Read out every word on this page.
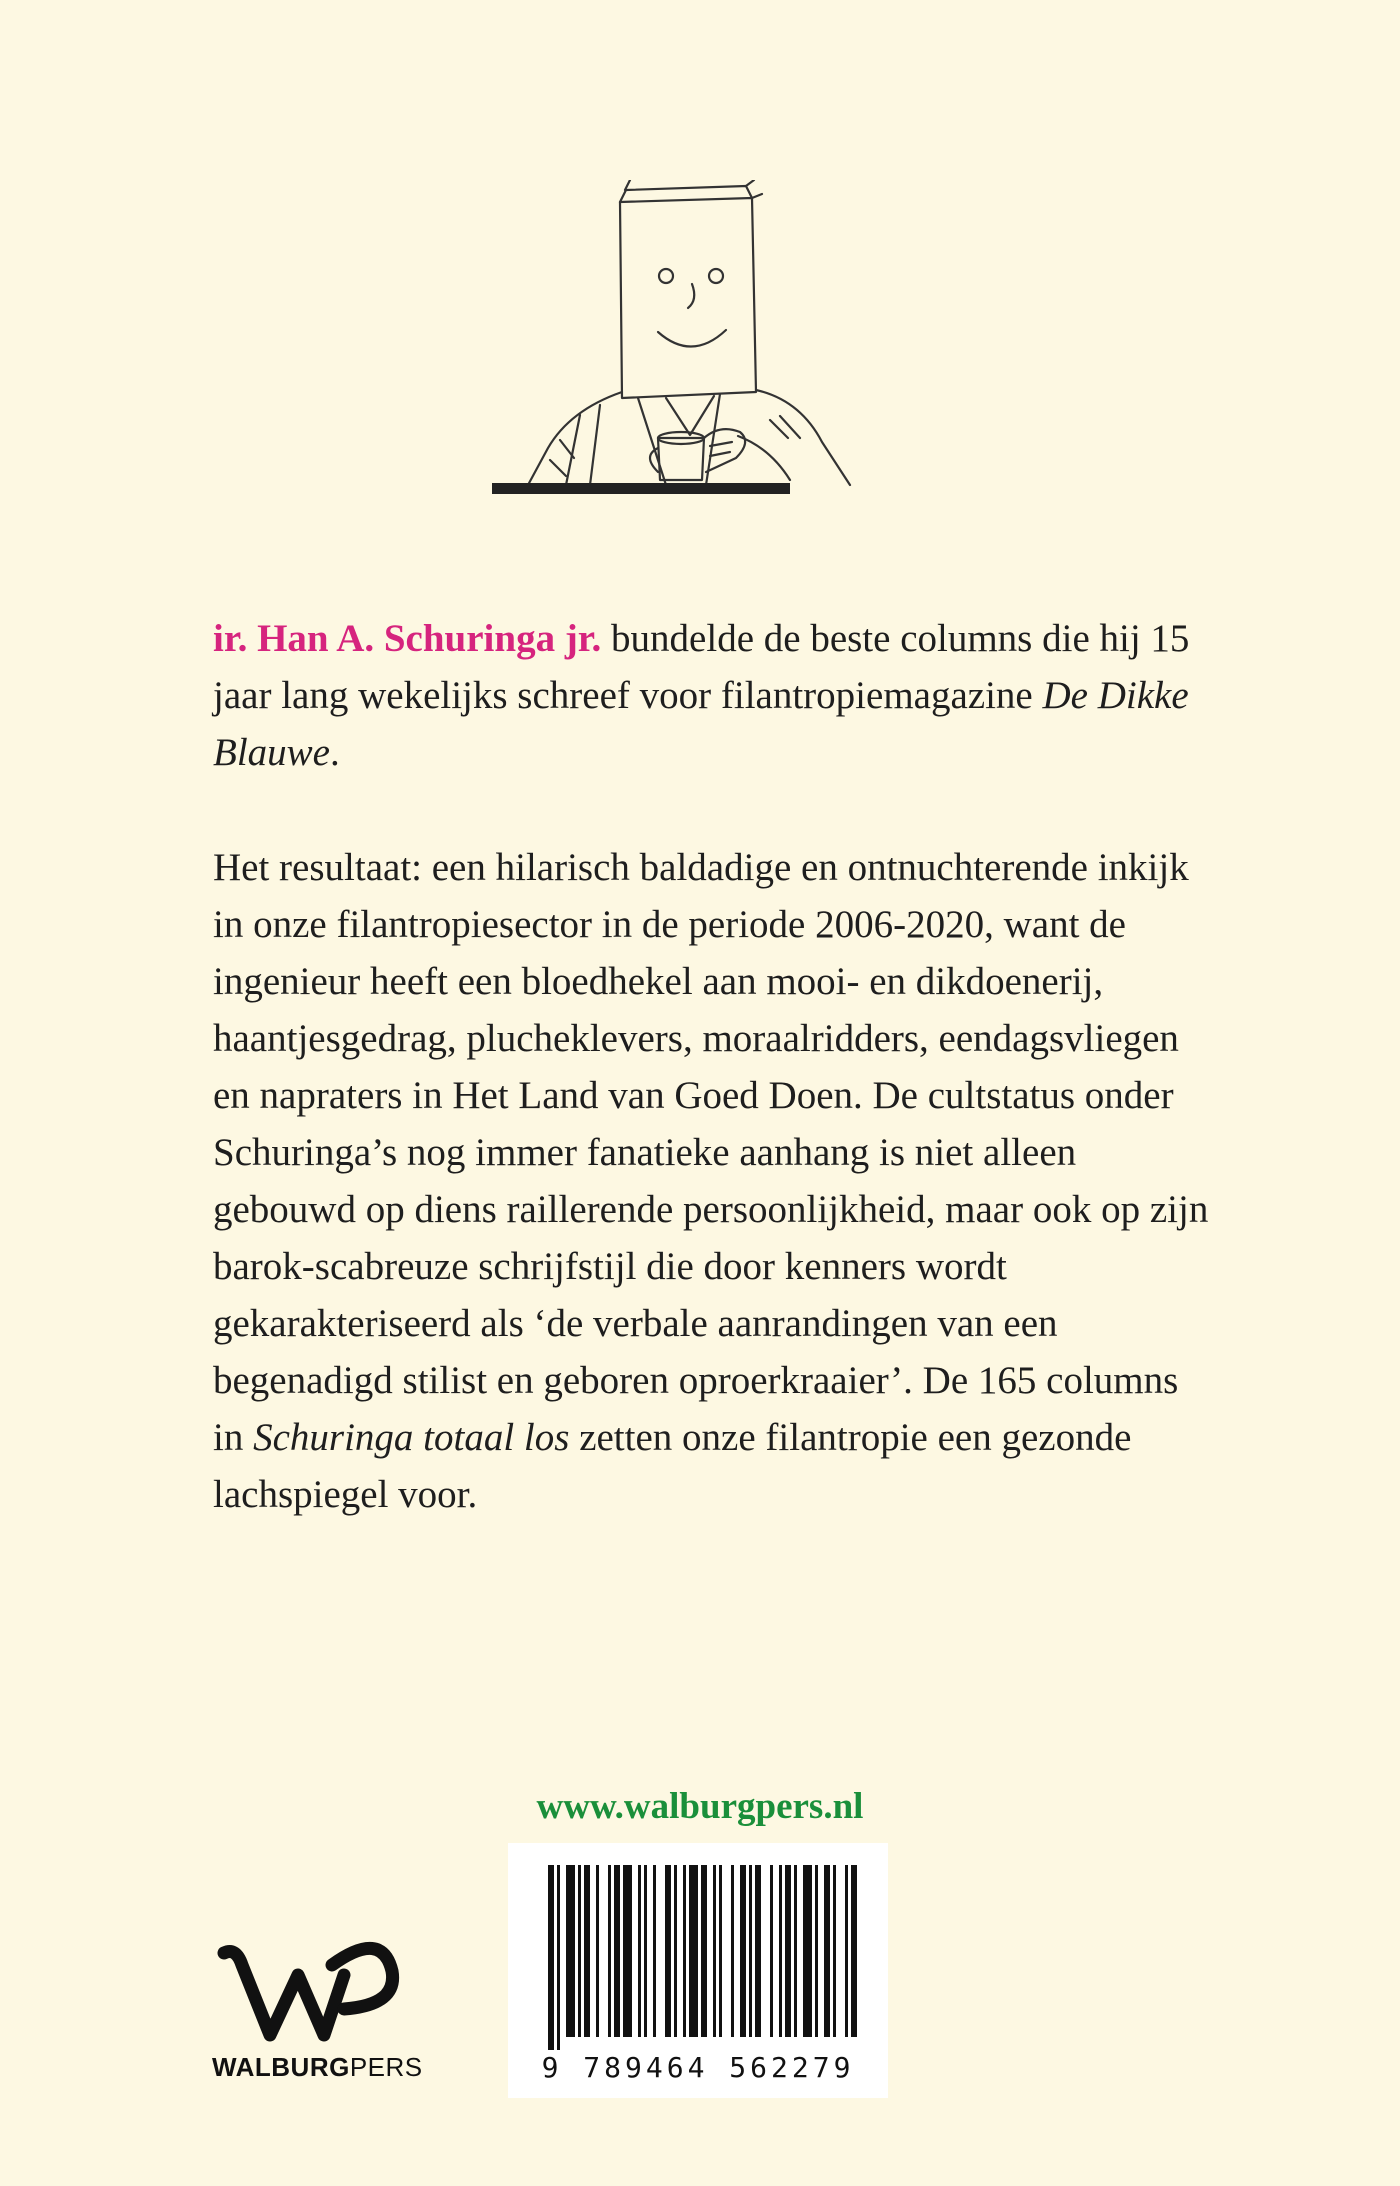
ir. Han A. Schuringa jr. bundelde de beste columns die hij 15 jaar lang wekelijks schreef voor filantropiemagazine De Dikke Blauwe.

Het resultaat: een hilarisch baldadige en ontnuchterende inkijk in onze filantropiesector in de periode 2006-2020, want de ingenieur heeft een bloedhekel aan mooi- en dikdoenerij, haantjesgedrag, plucheklevers, moraalridders, eendagsvliegen en napraters in Het Land van Goed Doen. De cultstatus onder Schuringa’s nog immer fanatieke aanhang is niet alleen gebouwd op diens raillerende persoonlijkheid, maar ook op zijn barok-scabreuze schrijfstijl die door kenners wordt gekarakteriseerd als ‘de verbale aanrandingen van een begenadigd stilist en geboren oproerkraaier’. De 165 columns in Schuringa totaal los zetten onze filantropie een gezonde lachspiegel voor.

www.walburgpers.nl
9 789464 562279
WALBURGPERS
